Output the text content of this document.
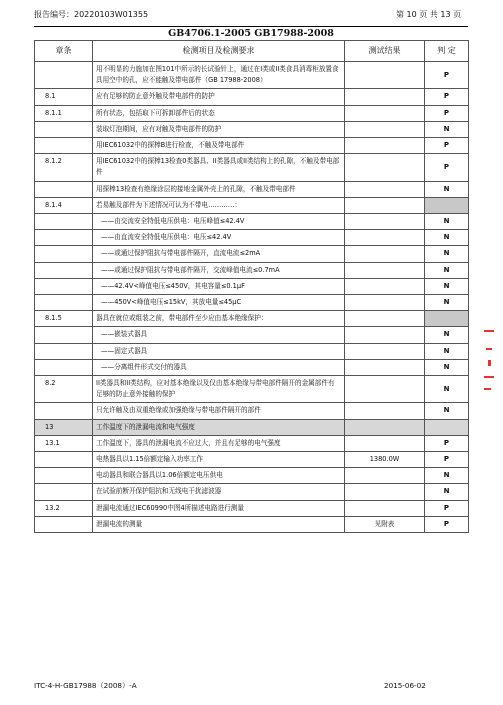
报告编号：20220103W01355	第 10 页 共 13 页
GB4706.1-2005 GB17988-2008
章条	检测项目及检测要求	测试结果	判 定
	用不明显的力施加在图101中所示的长试验针上，通过在I类或II类食具消毒柜放置食具用空中的孔，应不能触及带电部件（GB 17988-2008）		P
8.1	应有足够的防止意外触及带电部件的防护		P
8.1.1	所有状态，包括取下可拆卸部件后的状态		P
	装取灯泡期间，应有对触及带电部件的防护		N
	用IEC61032中的探棒B进行检查，不触及带电部件		P
8.1.2	用IEC61032中的探棒13检查0类器具、II类器具或II类结构上的孔隙，不触及带电部件		P
	用探棒13检查有绝缘涂层的接地金属外壳上的孔隙，不触及带电部件		N
8.1.4	若易触及部件为下述情况可认为不带电…………：		
	——由交流安全特低电压供电：电压峰值≤42.4V		N
	——由直流安全特低电压供电：电压≤42.4V		N
	——或通过保护阻抗与带电部件隔开，直流电流≤2mA		N
	——或通过保护阻抗与带电部件隔开，交流峰值电流≤0.7mA		N
	——42.4V<峰值电压≤450V，其电容量≤0.1μF		N
	——450V<峰值电压≤15kV，其放电量≤45μC		N
8.1.5	器具在就位或组装之前，带电部件至少应由基本绝缘保护：		
	——嵌装式器具		N
	——固定式器具		N
	——分离组件形式交付的器具		N
8.2	II类器具和II类结构，应对基本绝缘以及仅由基本绝缘与带电部件隔开的金属部件有足够的防止意外接触的保护		N
	只允许触及由双重绝缘或加强绝缘与带电部件隔开的部件		N
13	工作温度下的泄漏电流和电气强度		
13.1	工作温度下，器具的泄漏电流不应过大，并且有足够的电气强度		P
	电热器具以1.15倍额定输入功率工作	1380.0W	P
	电动器具和联合器具以1.06倍额定电压供电		N
	在试验前断开保护阻抗和无线电干扰滤波器		N
13.2	泄漏电流通过IEC60990中图4所描述电路进行测量		P
	泄漏电流的测量	见附表	P
ITC-4-H-GB17988（2008）-A	2015-06-02
